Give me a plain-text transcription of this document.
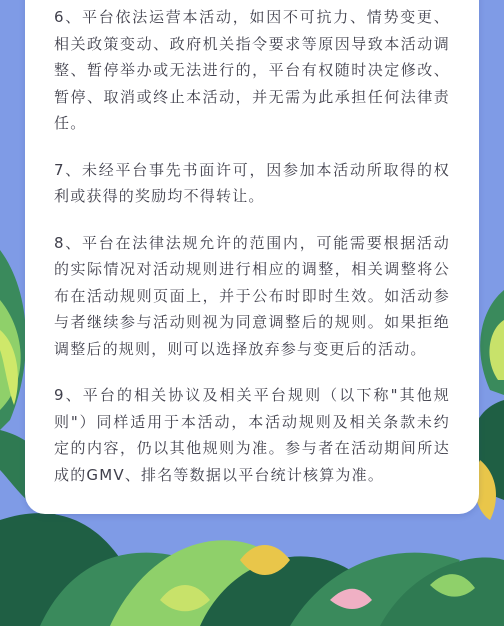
6、平台依法运营本活动，如因不可抗力、情势变更、相关政策变动、政府机关指令要求等原因导致本活动调整、暂停举办或无法进行的，平台有权随时决定修改、暂停、取消或终止本活动，并无需为此承担任何法律责任。

7、未经平台事先书面许可，因参加本活动所取得的权利或获得的奖励均不得转让。

8、平台在法律法规允许的范围内，可能需要根据活动的实际情况对活动规则进行相应的调整，相关调整将公布在活动规则页面上，并于公布时即时生效。如活动参与者继续参与活动则视为同意调整后的规则。如果拒绝调整后的规则，则可以选择放弃参与变更后的活动。

9、平台的相关协议及相关平台规则（以下称"其他规则"）同样适用于本活动，本活动规则及相关条款未约定的内容，仍以其他规则为准。参与者在活动期间所达成的GMV、排名等数据以平台统计核算为准。
